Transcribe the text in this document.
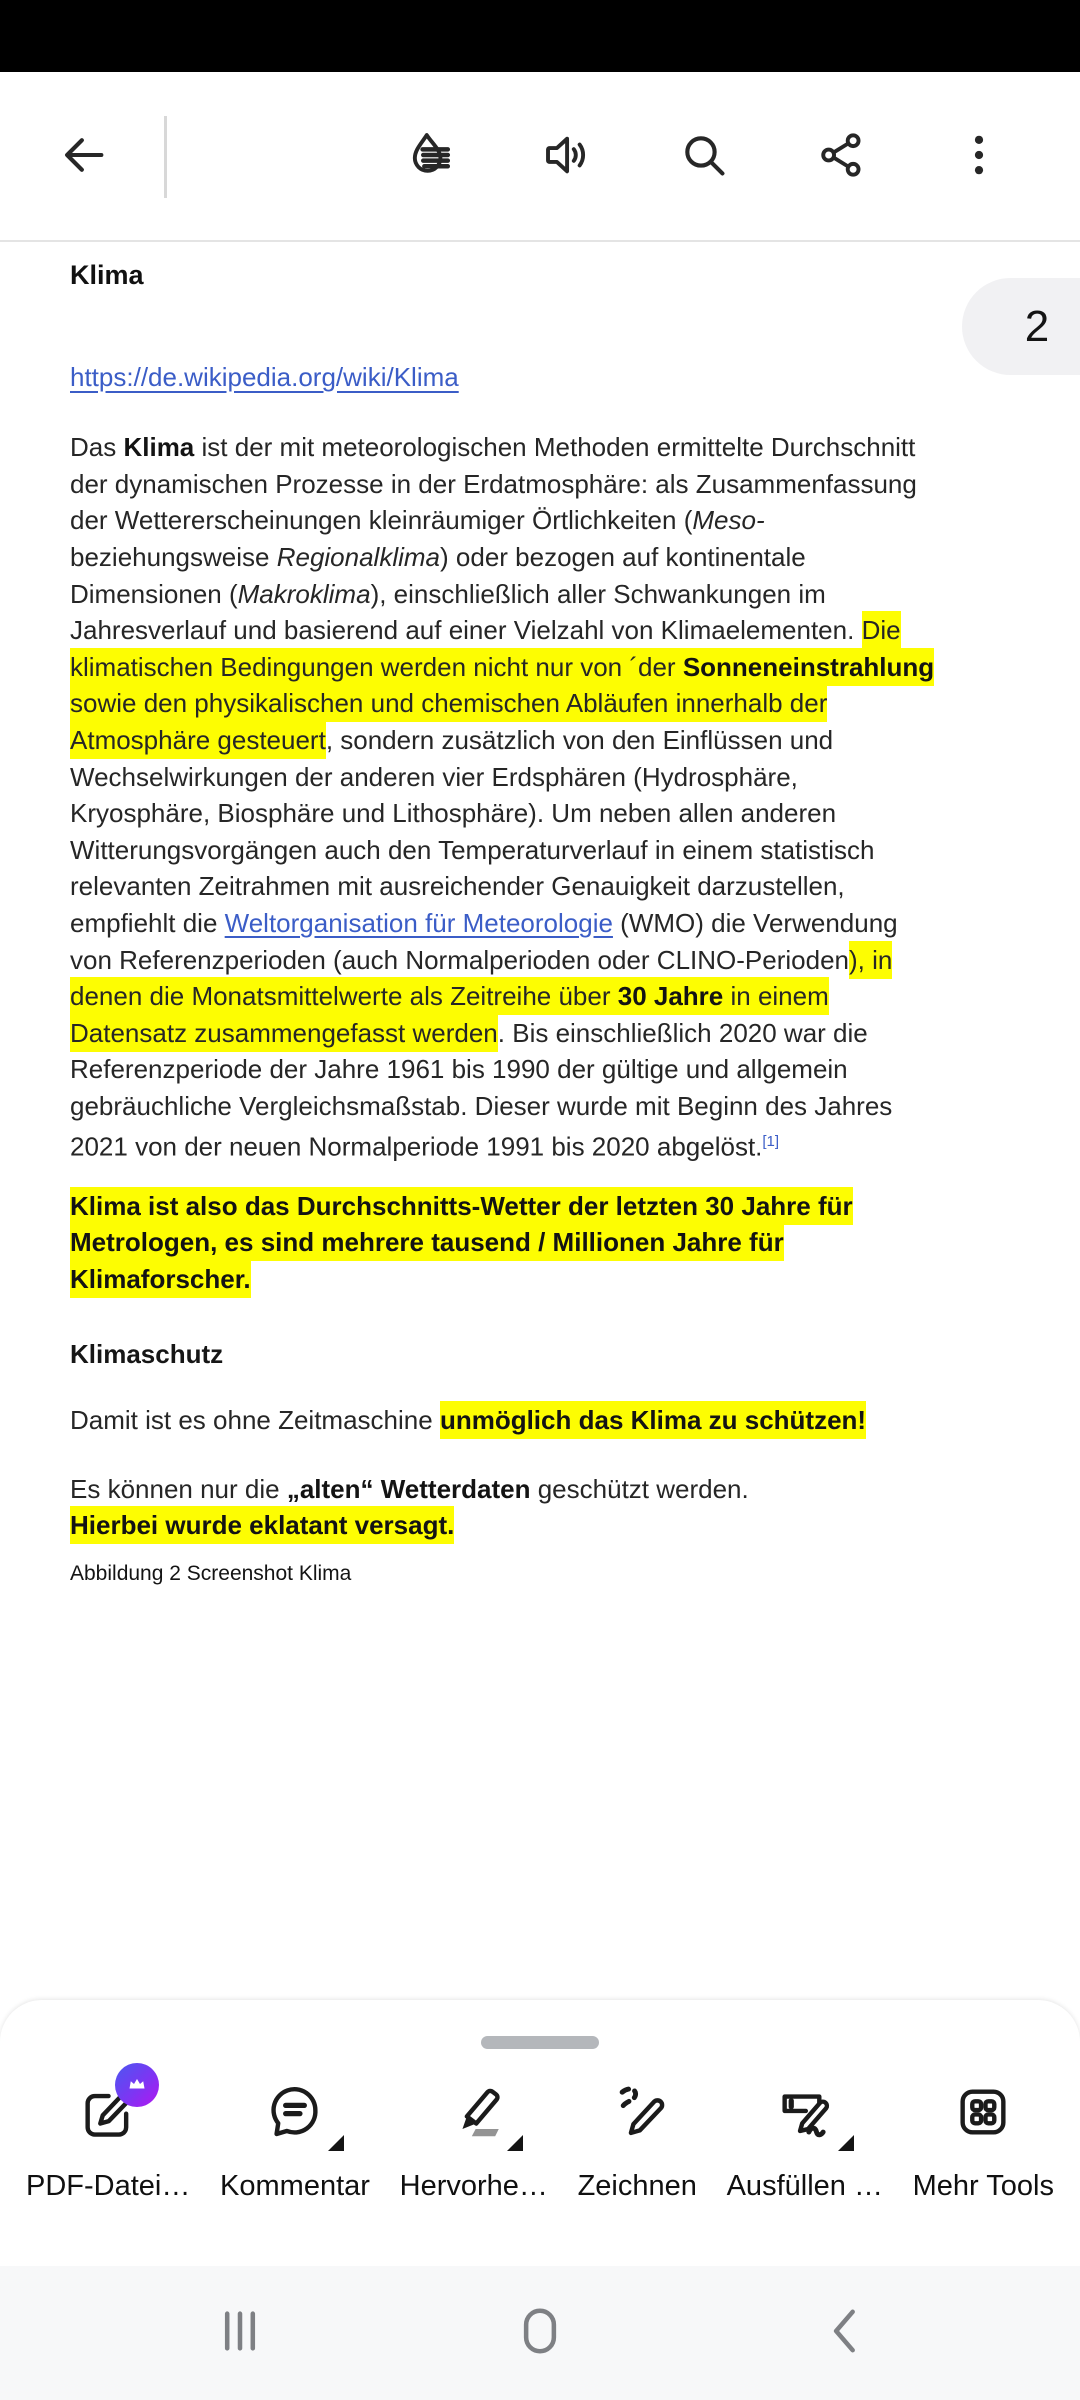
Klima

https://de.wikipedia.org/wiki/Klima
Das Klima ist der mit meteorologischen Methoden ermittelte Durchschnitt
der dynamischen Prozesse in der Erdatmosphäre: als Zusammenfassung
der Wettererscheinungen kleinräumiger Örtlichkeiten (Meso-
beziehungsweise Regionalklima) oder bezogen auf kontinentale
Dimensionen (Makroklima), einschließlich aller Schwankungen im
Jahresverlauf und basierend auf einer Vielzahl von Klimaelementen. Die
klimatischen Bedingungen werden nicht nur von ´der Sonneneinstrahlung
sowie den physikalischen und chemischen Abläufen innerhalb der
Atmosphäre gesteuert, sondern zusätzlich von den Einflüssen und
Wechselwirkungen der anderen vier Erdsphären (Hydrosphäre,
Kryosphäre, Biosphäre und Lithosphäre). Um neben allen anderen
Witterungsvorgängen auch den Temperaturverlauf in einem statistisch
relevanten Zeitrahmen mit ausreichender Genauigkeit darzustellen,
empfiehlt die Weltorganisation für Meteorologie (WMO) die Verwendung
von Referenzperioden (auch Normalperioden oder CLINO-Perioden), in
denen die Monatsmittelwerte als Zeitreihe über 30 Jahre in einem
Datensatz zusammengefasst werden. Bis einschließlich 2020 war die
Referenzperiode der Jahre 1961 bis 1990 der gültige und allgemein
gebräuchliche Vergleichsmaßstab. Dieser wurde mit Beginn des Jahres
2021 von der neuen Normalperiode 1991 bis 2020 abgelöst.[1]
Klima ist also das Durchschnitts-Wetter der letzten 30 Jahre für
Metrologen, es sind mehrere tausend / Millionen Jahre für
Klimaforscher.
Klimaschutz
Damit ist es ohne Zeitmaschine unmöglich das Klima zu schützen!
Es können nur die „alten“ Wetterdaten geschützt werden.
Hierbei wurde eklatant versagt.
Abbildung 2 Screenshot Klima
2
PDF-Datei… Kommentar Hervorhe… Zeichnen Ausfüllen … Mehr Tools
